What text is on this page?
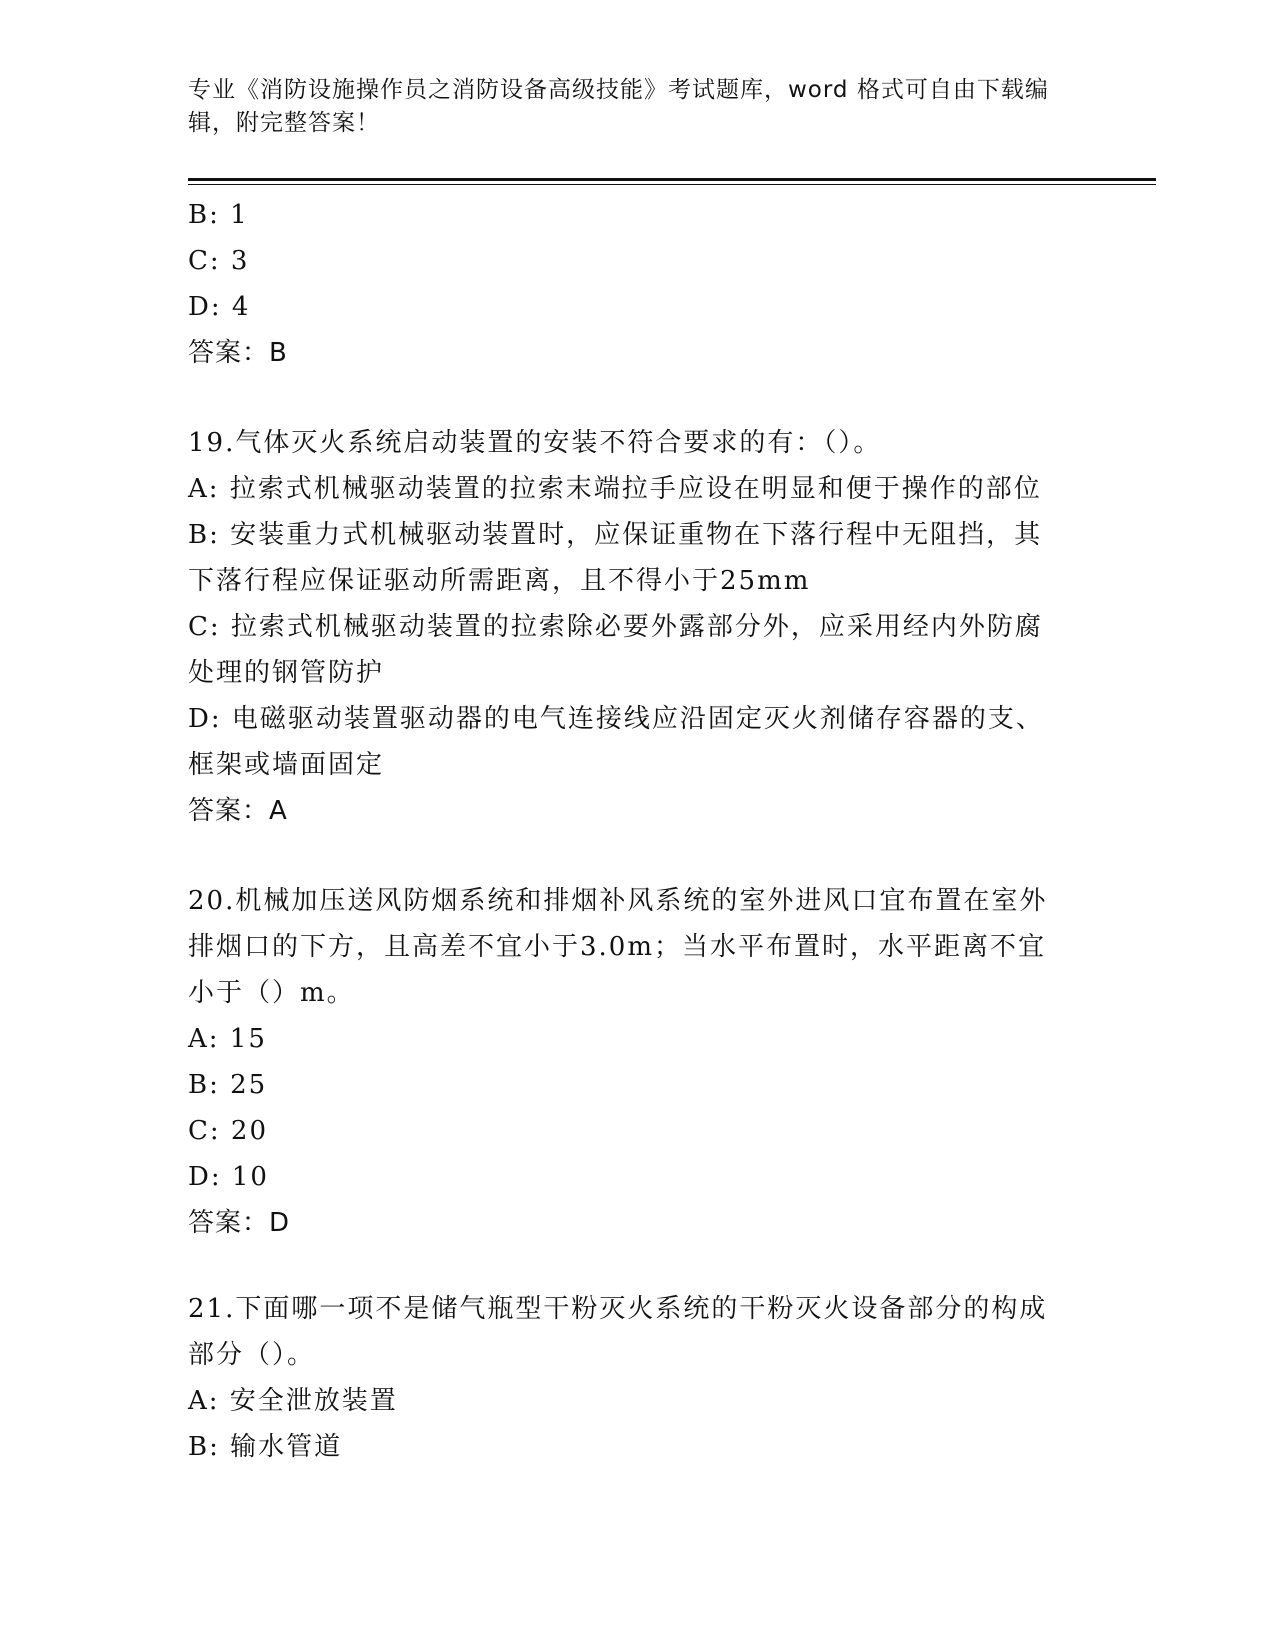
专业《消防设施操作员之消防设备高级技能》考试题库，word 格式可自由下载编
辑，附完整答案！
B: 1
C: 3
D: 4
答案：B
19.气体灭火系统启动装置的安装不符合要求的有：（）。
A: 拉索式机械驱动装置的拉索末端拉手应设在明显和便于操作的部位
B: 安装重力式机械驱动装置时，应保证重物在下落行程中无阻挡，其
下落行程应保证驱动所需距离，且不得小于25mm
C: 拉索式机械驱动装置的拉索除必要外露部分外，应采用经内外防腐
处理的钢管防护
D: 电磁驱动装置驱动器的电气连接线应沿固定灭火剂储存容器的支、
框架或墙面固定
答案：A
20.机械加压送风防烟系统和排烟补风系统的室外进风口宜布置在室外
排烟口的下方，且高差不宜小于3.0m；当水平布置时，水平距离不宜
小于（）m。
A: 15
B: 25
C: 20
D: 10
答案：D
21.下面哪一项不是储气瓶型干粉灭火系统的干粉灭火设备部分的构成
部分（）。
A: 安全泄放装置
B: 输水管道
